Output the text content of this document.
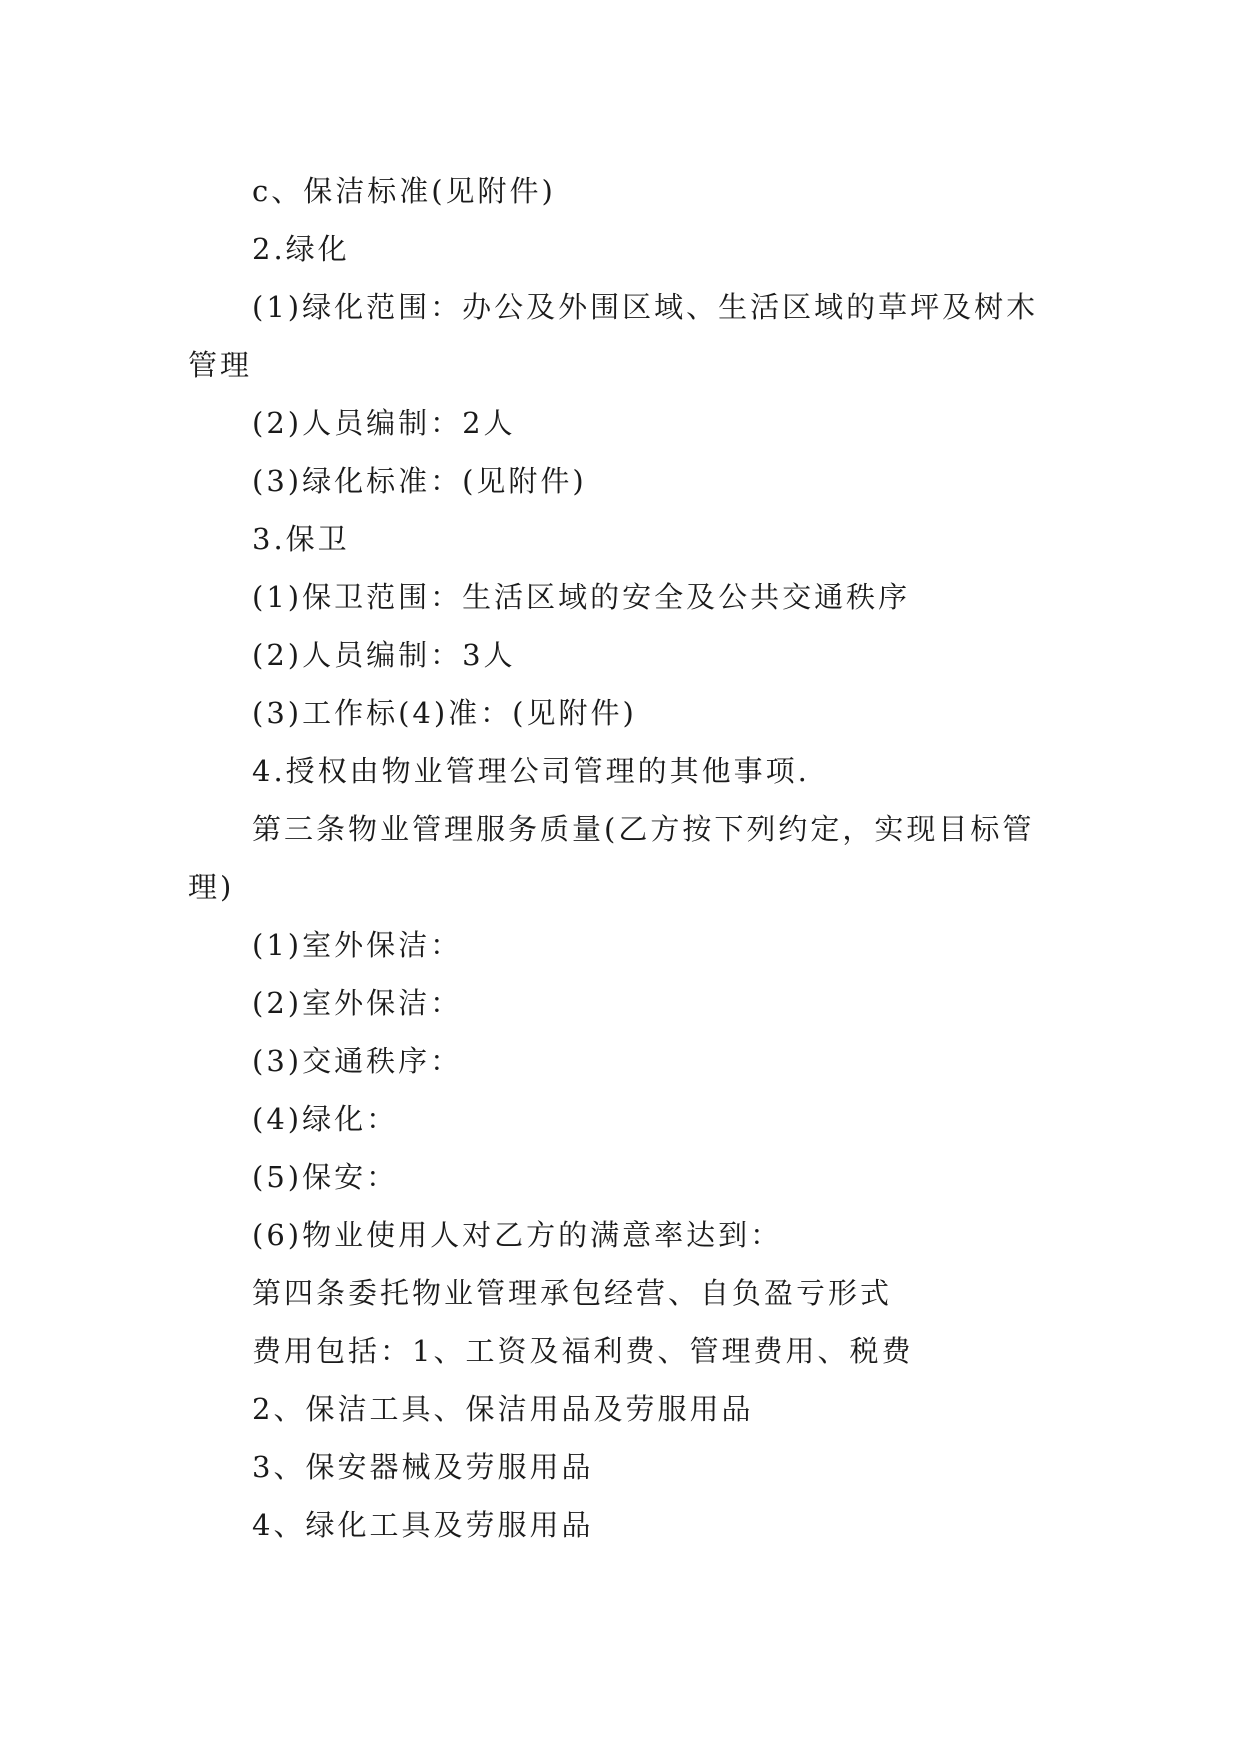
c、保洁标准(见附件)

2.绿化

(1)绿化范围：办公及外围区域、生活区域的草坪及树木管理

(2)人员编制：2人

(3)绿化标准：(见附件)

3.保卫

(1)保卫范围：生活区域的安全及公共交通秩序

(2)人员编制：3人

(3)工作标(4)准：(见附件)

4.授权由物业管理公司管理的其他事项.

第三条物业管理服务质量(乙方按下列约定，实现目标管理)

(1)室外保洁：

(2)室外保洁：

(3)交通秩序：

(4)绿化：

(5)保安：

(6)物业使用人对乙方的满意率达到：

第四条委托物业管理承包经营、自负盈亏形式

费用包括：1、工资及福利费、管理费用、税费

2、保洁工具、保洁用品及劳服用品

3、保安器械及劳服用品

4、绿化工具及劳服用品
